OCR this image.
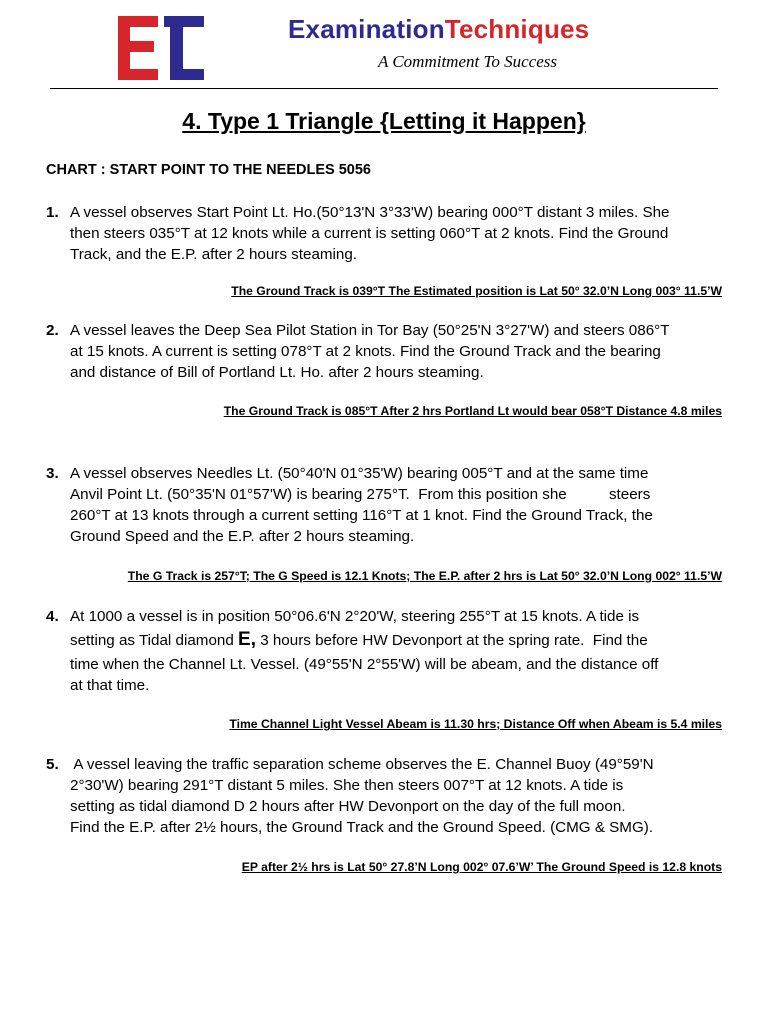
ExaminationTechniques
A Commitment To Success
4. Type 1 Triangle {Letting it Happen}
CHART : START POINT TO THE NEEDLES 5056
1. A vessel observes Start Point Lt. Ho.(50°13'N 3°33'W) bearing 000°T distant 3 miles. She
then steers 035°T at 12 knots while a current is setting 060°T at 2 knots. Find the Ground
Track, and the E.P. after 2 hours steaming.
The Ground Track is 039°T The Estimated position is Lat 50° 32.0’N Long 003° 11.5’W
2. A vessel leaves the Deep Sea Pilot Station in Tor Bay (50°25'N 3°27'W) and steers 086°T
at 15 knots. A current is setting 078°T at 2 knots. Find the Ground Track and the bearing
and distance of Bill of Portland Lt. Ho. after 2 hours steaming.
The Ground Track is 085°T After 2 hrs Portland Lt would bear 058°T Distance 4.8 miles
3. A vessel observes Needles Lt. (50°40'N 01°35'W) bearing 005°T and at the same time
Anvil Point Lt. (50°35'N 01°57'W) is bearing 275°T.  From this position she          steers
260°T at 13 knots through a current setting 116°T at 1 knot. Find the Ground Track, the
Ground Speed and the E.P. after 2 hours steaming.
The G Track is 257°T; The G Speed is 12.1 Knots; The E.P. after 2 hrs is Lat 50° 32.0’N Long 002° 11.5’W
4. At 1000 a vessel is in position 50°06.6'N 2°20'W, steering 255°T at 15 knots. A tide is
setting as Tidal diamond E, 3 hours before HW Devonport at the spring rate.  Find the
time when the Channel Lt. Vessel. (49°55'N 2°55'W) will be abeam, and the distance off
at that time.
Time Channel Light Vessel Abeam is 11.30 hrs; Distance Off when Abeam is 5.4 miles
5. A vessel leaving the traffic separation scheme observes the E. Channel Buoy (49°59'N
2°30'W) bearing 291°T distant 5 miles. She then steers 007°T at 12 knots. A tide is
setting as tidal diamond D 2 hours after HW Devonport on the day of the full moon.
Find the E.P. after 2½ hours, the Ground Track and the Ground Speed. (CMG & SMG).
EP after 2½ hrs is Lat 50° 27.8’N Long 002° 07.6’W’ The Ground Speed is 12.8 knots
